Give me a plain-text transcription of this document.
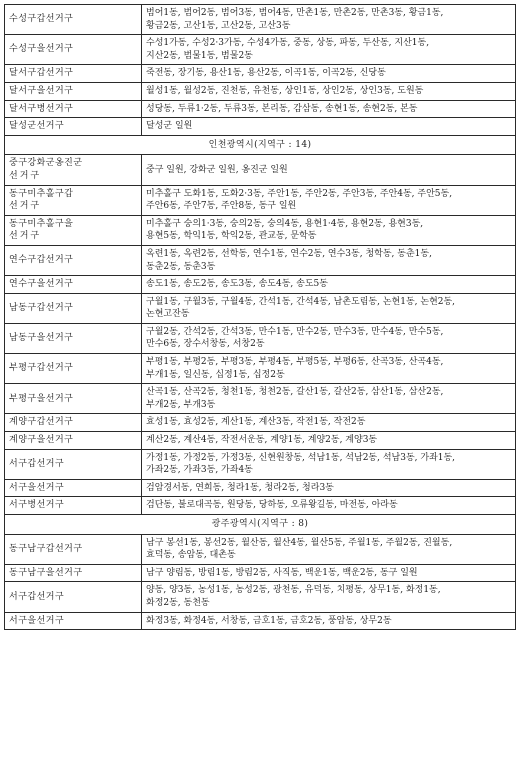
수성구갑선거구	범어1동, 범어2동, 범어3동, 범어4동, 만촌1동, 만촌2동, 만촌3동, 황금1동,
황금2동, 고산1동, 고산2동, 고산3동

수성구을선거구	수성1가동, 수성2·3가동, 수성4가동, 중동, 상동, 파동, 두산동, 지산1동,
지산2동, 범물1동, 범물2동

달서구갑선거구	죽전동, 장기동, 용산1동, 용산2동, 이곡1동, 이곡2동, 신당동

달서구을선거구	월성1동, 월성2동, 진천동, 유천동, 상인1동, 상인2동, 상인3동, 도원동

달서구병선거구	성당동, 두류1·2동, 두류3동, 본리동, 감삼동, 송현1동, 송현2동, 본동

달성군선거구	달성군 일원

인천광역시(지역구 : 14)	

중구강화군옹진군
선거구	중구 일원, 강화군 일원, 옹진군 일원

동구미추홀구갑
선거구	미추홀구 도화1동, 도화2·3동, 주안1동, 주안2동, 주안3동, 주안4동, 주안5동,
주안6동, 주안7동, 주안8동, 동구 일원

동구미추홀구을
선거구	미추홀구 숭의1·3동, 숭의2동, 숭의4동, 용현1·4동, 용현2동, 용현3동,
용현5동, 학익1동, 학익2동, 관교동, 문학동

연수구갑선거구	옥련1동, 옥련2동, 선학동, 연수1동, 연수2동, 연수3동, 청학동, 동춘1동,
동춘2동, 동춘3동

연수구을선거구	송도1동, 송도2동, 송도3동, 송도4동, 송도5동

남동구갑선거구	구월1동, 구월3동, 구월4동, 간석1동, 간석4동, 남촌도림동, 논현1동, 논현2동,
논현고잔동

남동구을선거구	구월2동, 간석2동, 간석3동, 만수1동, 만수2동, 만수3동, 만수4동, 만수5동,
만수6동, 장수서창동, 서창2동

부평구갑선거구	부평1동, 부평2동, 부평3동, 부평4동, 부평5동, 부평6동, 산곡3동, 산곡4동,
부개1동, 일신동, 십정1동, 십정2동

부평구을선거구	산곡1동, 산곡2동, 청천1동, 청천2동, 갈산1동, 갈산2동, 삼산1동, 삼산2동,
부개2동, 부개3동

계양구갑선거구	효성1동, 효성2동, 계산1동, 계산3동, 작전1동, 작전2동

계양구을선거구	계산2동, 계산4동, 작전서운동, 계양1동, 계양2동, 계양3동

서구갑선거구	가정1동, 가정2동, 가정3동, 신현원창동, 석남1동, 석남2동, 석남3동, 가좌1동,
가좌2동, 가좌3동, 가좌4동

서구을선거구	검암경서동, 연희동, 청라1동, 청라2동, 청라3동

서구병선거구	검단동, 불로대곡동, 원당동, 당하동, 오류왕길동, 마전동, 아라동

광주광역시(지역구 : 8)	

동구남구갑선거구	남구 봉선1동, 봉선2동, 월산동, 월산4동, 월산5동, 주월1동, 주월2동, 진월동,
효덕동, 송암동, 대촌동

동구남구을선거구	남구 양림동, 방림1동, 방림2동, 사직동, 백운1동, 백운2동, 동구 일원

서구갑선거구	양동, 양3동, 농성1동, 농성2동, 광천동, 유덕동, 치평동, 상무1동, 화정1동,
화정2동, 동천동

서구을선거구	화정3동, 화정4동, 서창동, 금호1동, 금호2동, 풍암동, 상무2동
